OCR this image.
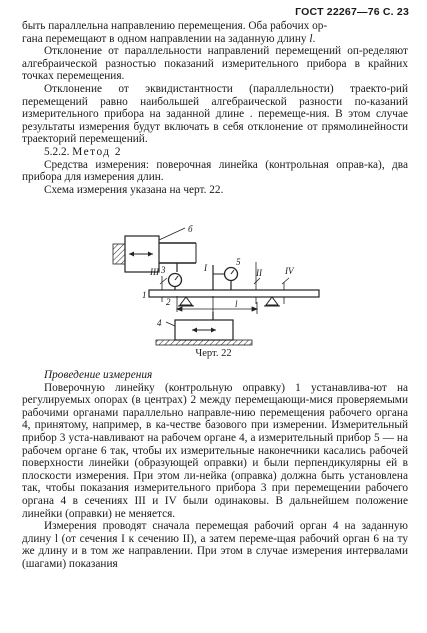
ГОСТ 22267—76 С. 23

быть параллельна направлению перемещения. Оба рабочих ор-

гана перемещают в одном направлении на заданную длину l.

Отклонение от параллельности направлений перемещений оп-ределяют алгебраической разностью показаний измерительного прибора в крайних точках перемещения.

Отклонение от эквидистантности (параллельности) траекто-рий перемещений равно наибольшей алгебраической разности по-казаний измерительного прибора на заданной длине . перемеще-ния. В этом случае результаты измерения будут включать в себя отклонение от прямолинейности траекторий перемещений.

5.2.2. Метод 2

Средства измерения: поверочная линейка (контрольная оправ-ка), два прибора для измерения длин.

Схема измерения указана на черт. 22.

б
3
5
I	II	IV
III
1
2	l
4
Черт. 22

Проведение измерения

Поверочную линейку (контрольную оправку) 1 устанавлива-ют на регулируемых опорах (в центрах) 2 между перемещающи-мися проверяемыми рабочими органами параллельно направле-нию перемещения рабочего органа 4, принятому, например, в ка-честве базового при измерении. Измерительный прибор 3 уста-навливают на рабочем органе 4, а измерительный прибор 5 — на рабочем органе 6 так, чтобы их измерительные наконечники касались рабочей поверхности линейки (образующей оправки) и были перпендикулярны ей в плоскости измерения. При этом ли-нейка (оправка) должна быть установлена так, чтобы показания измерительного прибора 3 при перемещении рабочего органа 4 в сечениях III и IV были одинаковы. В дальнейшем положение линейки (оправки) не меняется.

Измерения проводят сначала перемещая рабочий орган 4 на заданную длину l (от сечения I к сечению II), а затем переме-щая рабочий орган 6 на ту же длину и в том же направлении. При этом в случае измерения интервалами (шагами) показания
